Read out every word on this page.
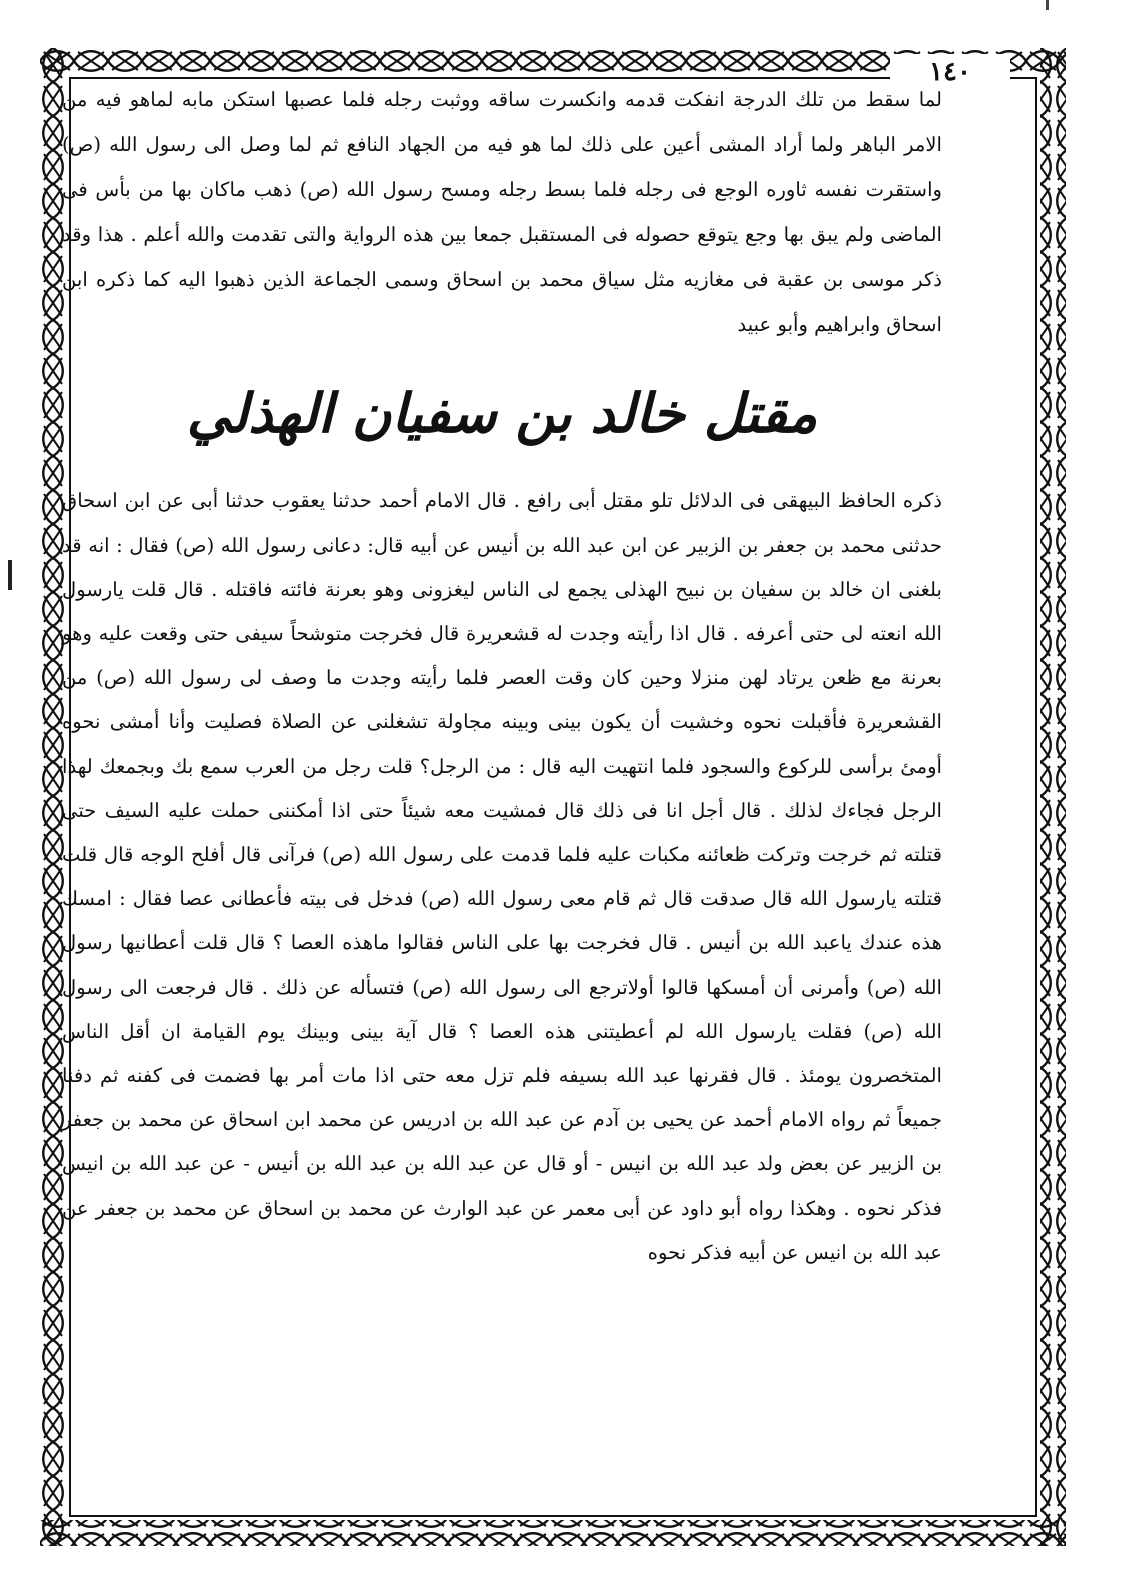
١٤٠

لما سقط من تلك الدرجة انفكت قدمه وانكسرت ساقه ووثبت رجله فلما عصبها استكن مابه لماهو فيه من الامر الباهر ولما أراد المشى أعين على ذلك لما هو فيه من الجهاد النافع ثم لما وصل الى رسول الله (ص) واستقرت نفسه ثاوره الوجع فى رجله فلما بسط رجله ومسح رسول الله (ص) ذهب ماكان بها من بأس فى الماضى ولم يبق بها وجع يتوقع حصوله فى المستقبل جمعا بين هذه الرواية والتى تقدمت والله أعلم . هذا وقد ذكر موسى بن عقبة فى مغازيه مثل سياق محمد بن اسحاق وسمى الجماعة الذين ذهبوا اليه كما ذكره ابن اسحاق وابراهيم وأبو عبيد

مقتل خالد بن سفيان الهذلي

ذكره الحافظ البيهقى فى الدلائل تلو مقتل أبى رافع . قال الامام أحمد حدثنا يعقوب حدثنا أبى عن ابن اسحاق حدثنى محمد بن جعفر بن الزبير عن ابن عبد الله بن أنيس عن أبيه قال: دعانى رسول الله (ص) فقال : انه قد بلغنى ان خالد بن سفيان بن نبيح الهذلى يجمع لى الناس ليغزونى وهو بعرنة فائته فاقتله . قال قلت يارسول الله انعته لى حتى أعرفه . قال اذا رأيته وجدت له قشعريرة قال فخرجت متوشحاً سيفى حتى وقعت عليه وهو بعرنة مع ظعن يرتاد لهن منزلا وحين كان وقت العصر فلما رأيته وجدت ما وصف لى رسول الله (ص) من القشعريرة فأقبلت نحوه وخشيت أن يكون بينى وبينه مجاولة تشغلنى عن الصلاة فصليت وأنا أمشى نحوه أومئ برأسى للركوع والسجود فلما انتهيت اليه قال : من الرجل؟ قلت رجل من العرب سمع بك وبجمعك لهذا الرجل فجاءك لذلك . قال أجل انا فى ذلك قال فمشيت معه شيئاً حتى اذا أمكننى حملت عليه السيف حتى قتلته ثم خرجت وتركت ظعائنه مكبات عليه فلما قدمت على رسول الله (ص) فرآنى قال أفلح الوجه قال قلت قتلته يارسول الله قال صدقت قال ثم قام معى رسول الله (ص) فدخل فى بيته فأعطانى عصا فقال : امسك هذه عندك ياعبد الله بن أنيس . قال فخرجت بها على الناس فقالوا ماهذه العصا ؟ قال قلت أعطانيها رسول الله (ص) وأمرنى أن أمسكها قالوا أولاترجع الى رسول الله (ص) فتسأله عن ذلك . قال فرجعت الى رسول الله (ص) فقلت يارسول الله لم أعطيتنى هذه العصا ؟ قال آية بينى وبينك يوم القيامة ان أقل الناس المتخصرون يومئذ . قال فقرنها عبد الله بسيفه فلم تزل معه حتى اذا مات أمر بها فضمت فى كفنه ثم دفنا جميعاً ثم رواه الامام أحمد عن يحيى بن آدم عن عبد الله بن ادريس عن محمد ابن اسحاق عن محمد بن جعفر بن الزبير عن بعض ولد عبد الله بن انيس - أو قال عن عبد الله بن عبد الله بن أنيس - عن عبد الله بن انيس فذكر نحوه . وهكذا رواه أبو داود عن أبى معمر عن عبد الوارث عن محمد بن اسحاق عن محمد بن جعفر عن عبد الله بن انيس عن أبيه فذكر نحوه
